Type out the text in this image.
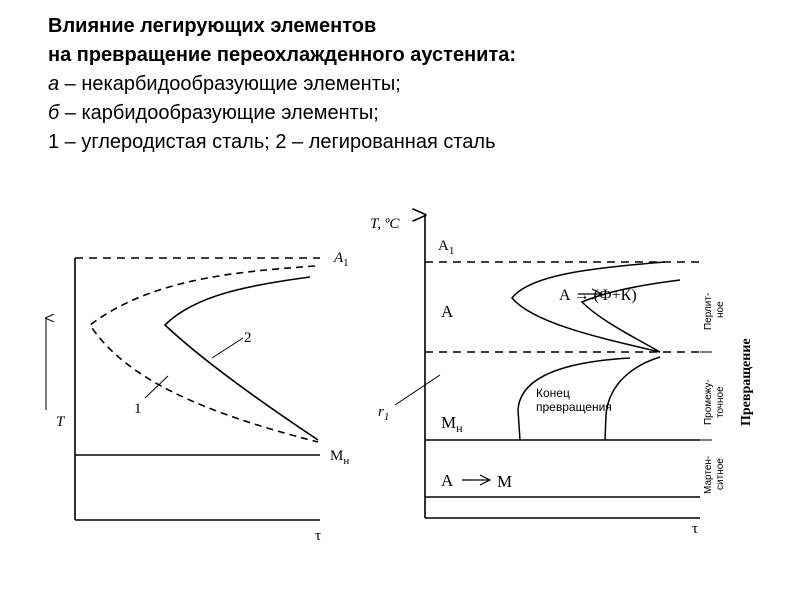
Влияние легирующих элементов
на превращение переохлажденного аустенита:
а – некарбидообразующие элементы;
б – карбидообразующие элементы;
1 – углеродистая сталь; 2 – легированная сталь
$A_1$
$M_н$
2
1
T
τ
T, ºC
$A_1$
A
A → (Ф+К)
Конец
превращения
$r_1$	$M_н$
A	M
τ
Перлит- ное
Промежу- точное
Мартен- ситное
Превращение
